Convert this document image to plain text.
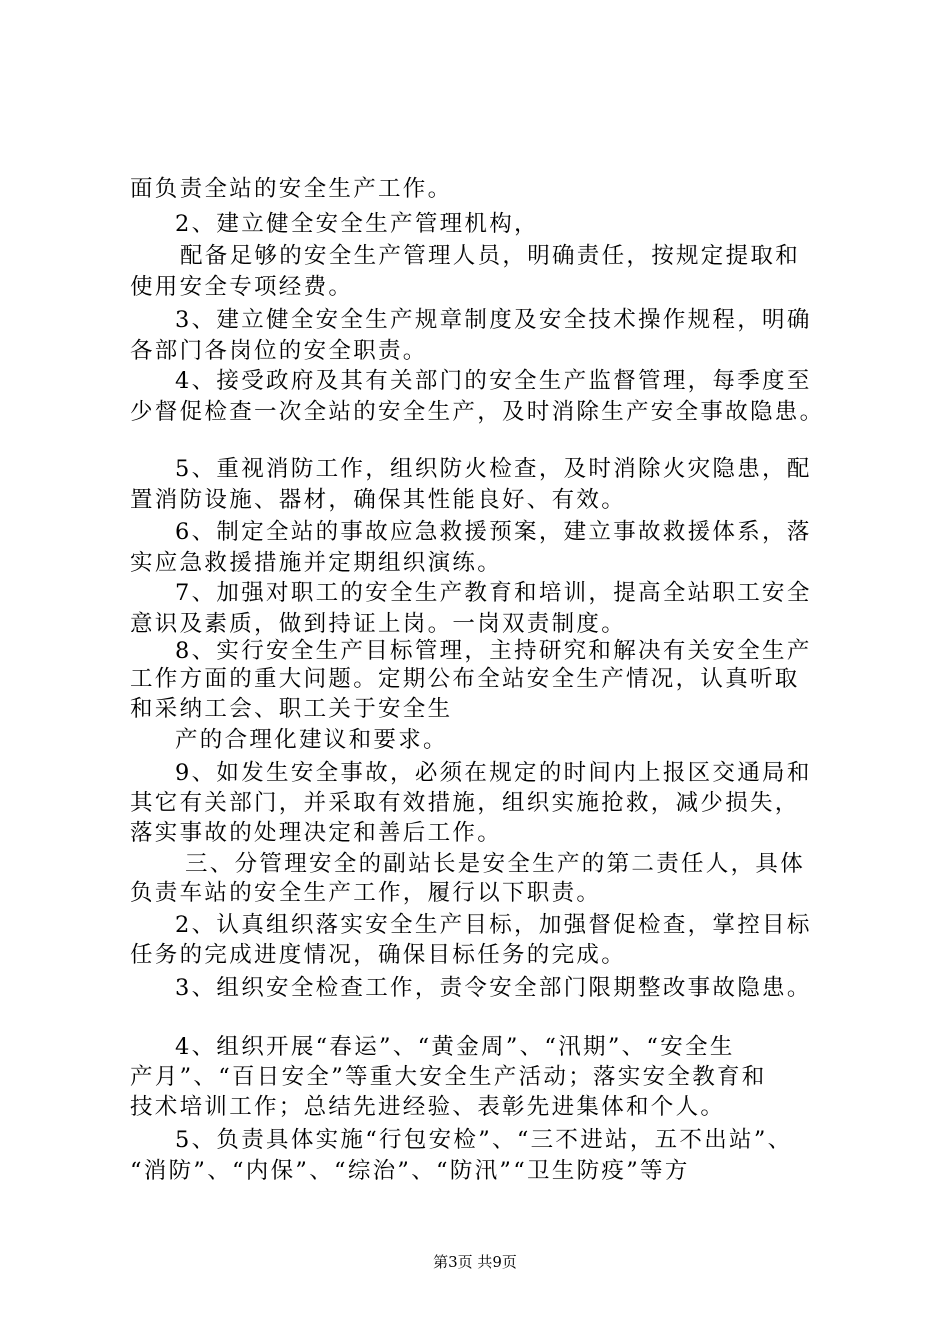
面负责全站的安全生产工作。
2、建立健全安全生产管理机构，
配备足够的安全生产管理人员，明确责任，按规定提取和
使用安全专项经费。
3、建立健全安全生产规章制度及安全技术操作规程，明确
各部门各岗位的安全职责。
4、接受政府及其有关部门的安全生产监督管理，每季度至
少督促检查一次全站的安全生产，及时消除生产安全事故隐患。
5、重视消防工作，组织防火检查，及时消除火灾隐患，配
置消防设施、器材，确保其性能良好、有效。
6、制定全站的事故应急救援预案，建立事故救援体系，落
实应急救援措施并定期组织演练。
7、加强对职工的安全生产教育和培训，提高全站职工安全
意识及素质，做到持证上岗。一岗双责制度。
8、实行安全生产目标管理，主持研究和解决有关安全生产
工作方面的重大问题。定期公布全站安全生产情况，认真听取
和采纳工会、职工关于安全生
产的合理化建议和要求。
9、如发生安全事故，必须在规定的时间内上报区交通局和
其它有关部门，并采取有效措施，组织实施抢救，减少损失，
落实事故的处理决定和善后工作。
三、分管理安全的副站长是安全生产的第二责任人，具体
负责车站的安全生产工作，履行以下职责。
2、认真组织落实安全生产目标，加强督促检查，掌控目标
任务的完成进度情况，确保目标任务的完成。
3、组织安全检查工作，责令安全部门限期整改事故隐患。
4、组织开展“春运”、“黄金周”、“汛期”、“安全生
产月”、“百日安全”等重大安全生产活动；落实安全教育和
技术培训工作；总结先进经验、表彰先进集体和个人。
5、负责具体实施“行包安检”、“三不进站，五不出站”、
“消防”、“内保”、“综治”、“防汛”“卫生防疫”等方
第3页 共9页
